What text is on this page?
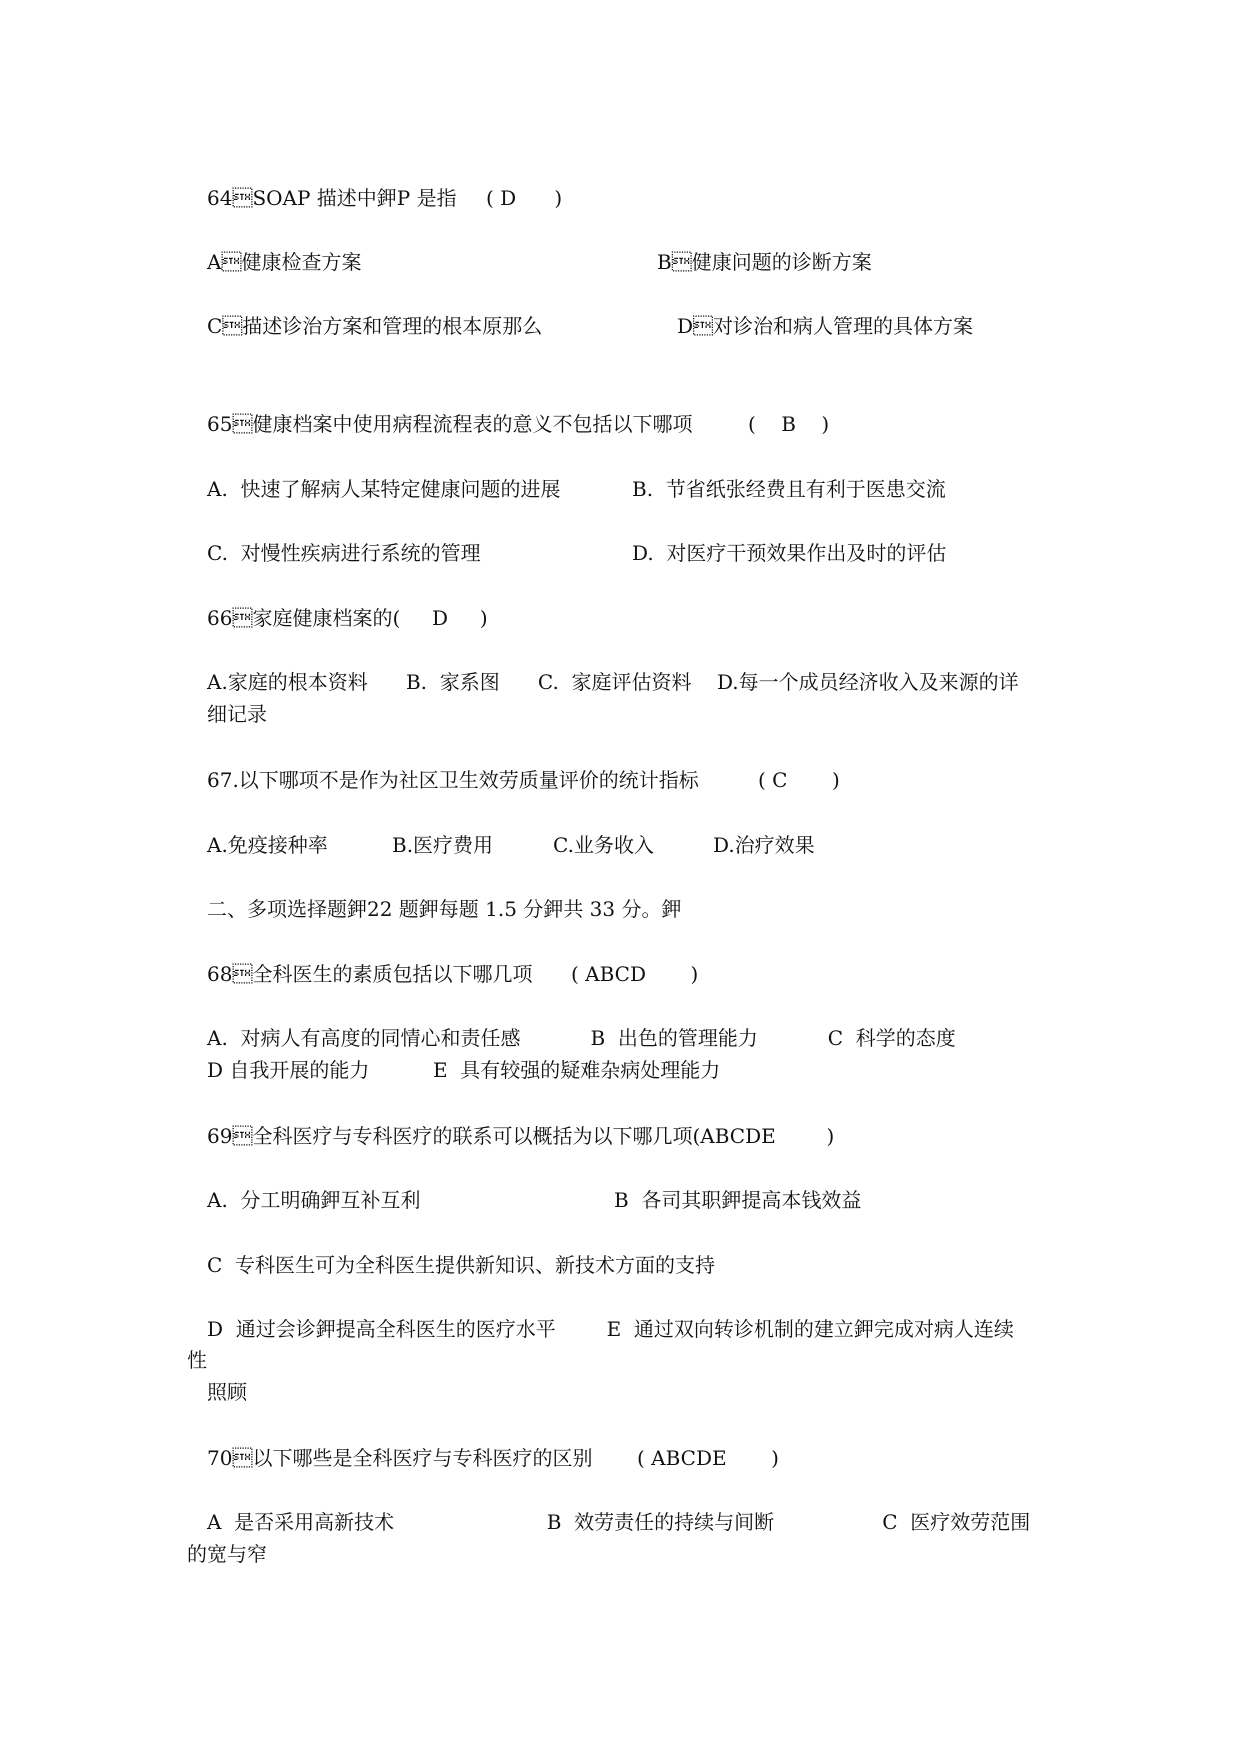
64SOAP 描述中鉀P 是指 ( D      )
A健康检查方案	B健康问题的诊断方案
C描述诊治方案和管理的根本原那么	D对诊治和病人管理的具体方案
65健康档案中使用病程流程表的意义不包括以下哪项	(    B    )
A.  快速了解病人某特定健康问题的进展	B.  节省纸张经费且有利于医患交流
C.  对慢性疾病进行系统的管理	D.  对医疗干预效果作出及时的评估
66家庭健康档案的(     D     )
A.家庭的根本资料      B.  家系图      C.  家庭评估资料    D.每一个成员经济收入及来源的详
细记录
67.以下哪项不是作为社区卫生效劳质量评价的统计指标	( C       )
A.免疫接种率	B.医疗费用	C.业务收入	D.治疗效果
二、多项选择题鉀22 题鉀每题 1.5 分鉀共 33 分。鉀
68全科医生的素质包括以下哪几项 ( ABCD       )
A.  对病人有高度的同情心和责任感           B  出色的管理能力           C  科学的态度
D 自我开展的能力          E  具有较强的疑难杂病处理能力
69全科医疗与专科医疗的联系可以概括为以下哪几项(ABCDE        )
A.  分工明确鉀互补互利	B  各司其职鉀提高本钱效益
C  专科医生可为全科医生提供新知识、新技术方面的支持
D  通过会诊鉀提高全科医生的医疗水平        E  通过双向转诊机制的建立鉀完成对病人连续
性
照顾
70以下哪些是全科医疗与专科医疗的区别 ( ABCDE       )
A  是否采用高新技术                        B  效劳责任的持续与间断                 C  医疗效劳范围
的宽与窄
